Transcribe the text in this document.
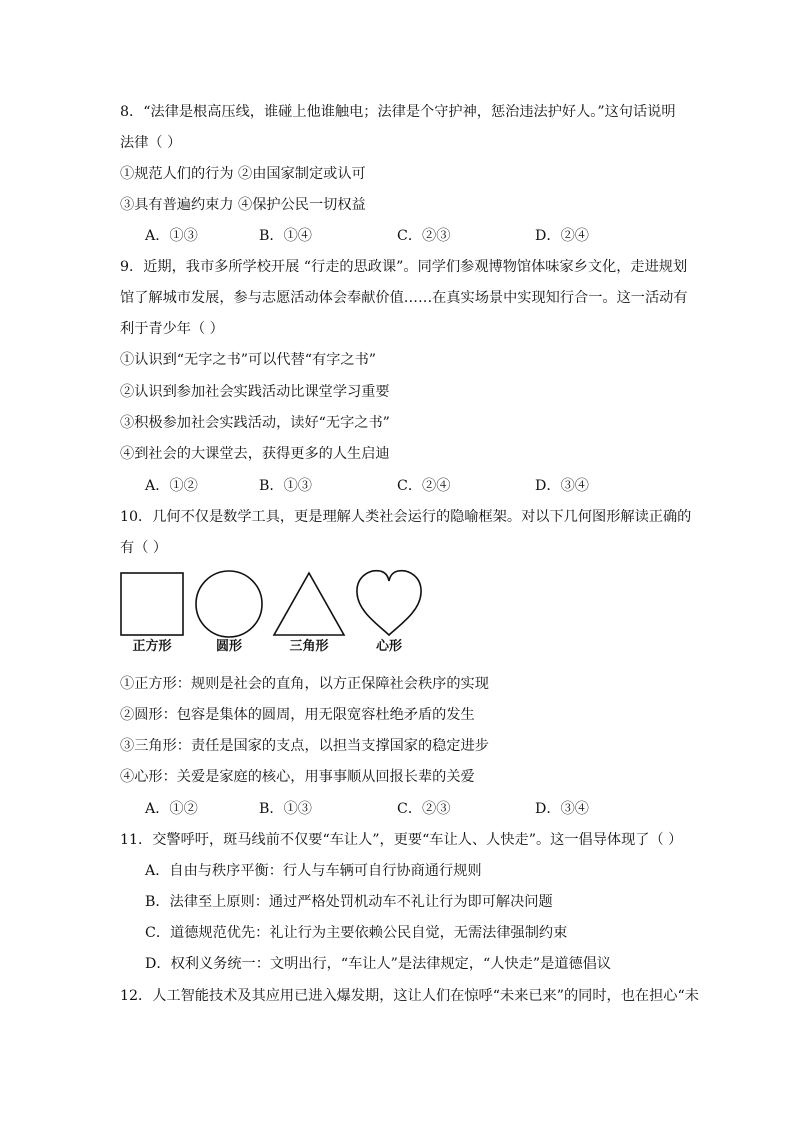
8．“法律是根高压线，谁碰上他谁触电；法律是个守护神，惩治违法护好人。”这句话说明
法律（ ）
①规范人们的行为 ②由国家制定或认可
③具有普遍约束力 ④保护公民一切权益
A．①③	B．①④	C．②③	D．②④
9．近期，我市多所学校开展 “行走的思政课”。同学们参观博物馆体味家乡文化，走进规划
馆了解城市发展，参与志愿活动体会奉献价值……在真实场景中实现知行合一。这一活动有
利于青少年（ ）
①认识到“无字之书”可以代替“有字之书”
②认识到参加社会实践活动比课堂学习重要
③积极参加社会实践活动，读好“无字之书”
④到社会的大课堂去，获得更多的人生启迪
A．①②	B．①③	C．②④	D．③④
10．几何不仅是数学工具，更是理解人类社会运行的隐喻框架。对以下几何图形解读正确的
有（ ）
正方形	圆形	三角形	心形
①正方形：规则是社会的直角，以方正保障社会秩序的实现
②圆形：包容是集体的圆周，用无限宽容杜绝矛盾的发生
③三角形：责任是国家的支点，以担当支撑国家的稳定进步
④心形：关爱是家庭的核心，用事事顺从回报长辈的关爱
A．①②	B．①③	C．②③	D．③④
11．交警呼吁，斑马线前不仅要“车让人”，更要“车让人、人快走”。这一倡导体现了（ ）
A．自由与秩序平衡：行人与车辆可自行协商通行规则
B．法律至上原则：通过严格处罚机动车不礼让行为即可解决问题
C．道德规范优先：礼让行为主要依赖公民自觉，无需法律强制约束
D．权利义务统一：文明出行，“车让人”是法律规定，“人快走”是道德倡议
12．人工智能技术及其应用已进入爆发期，这让人们在惊呼“未来已来”的同时，也在担心“未
